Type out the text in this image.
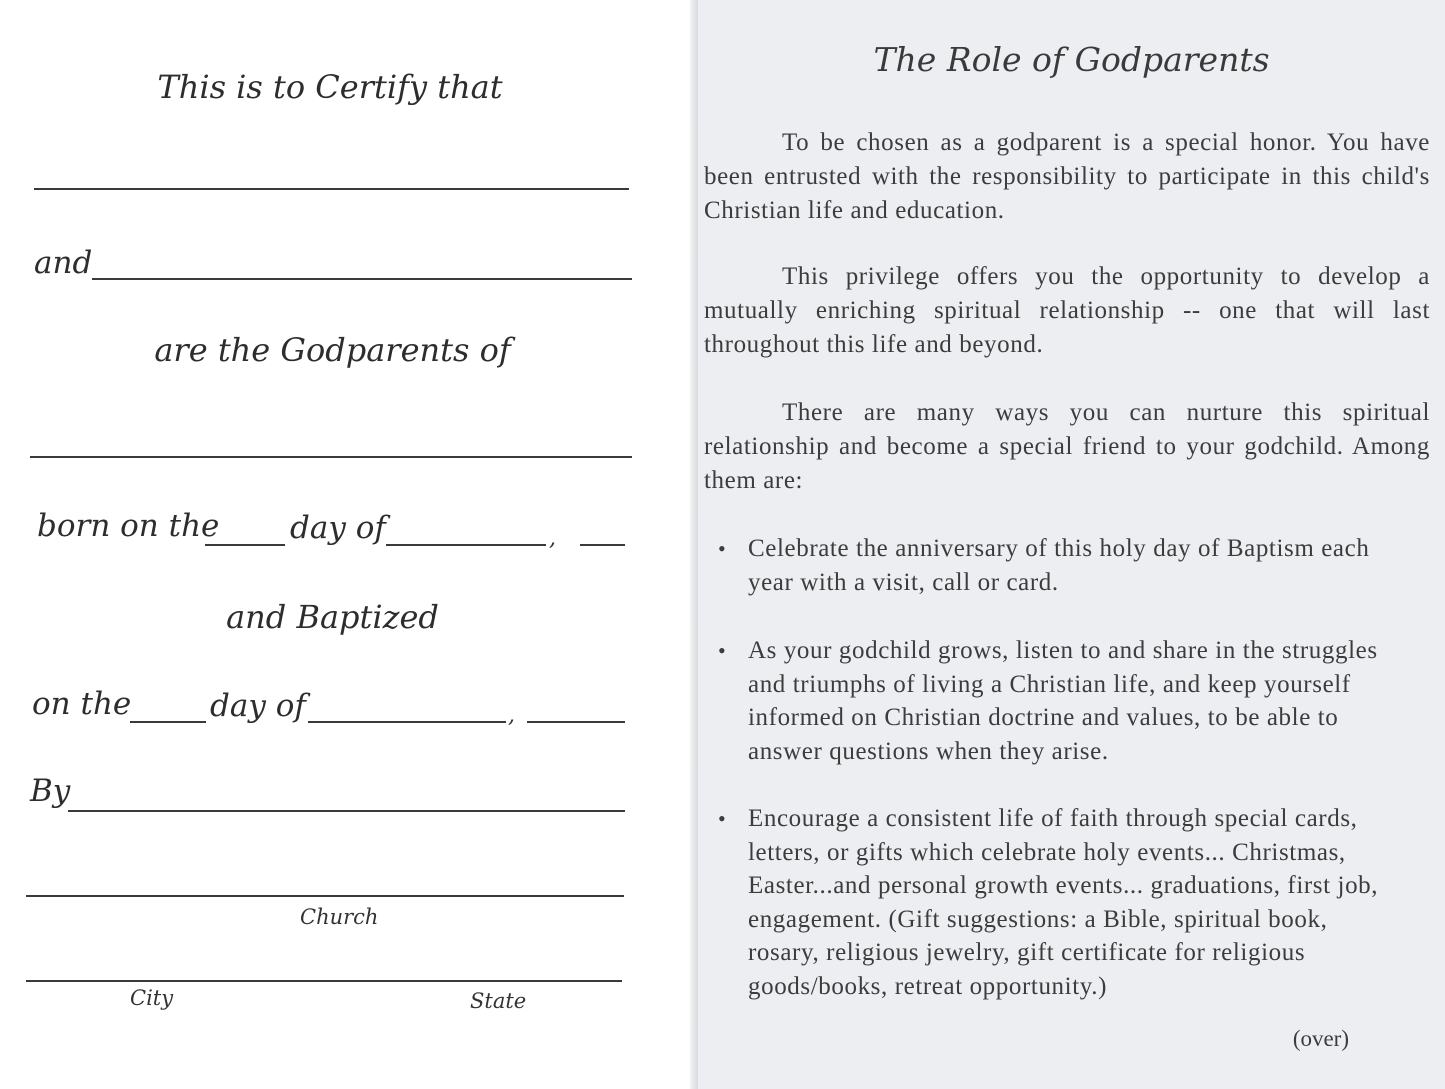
This is to Certify that
and
are the Godparents of
born on the day of	,
and Baptized
on the	day of	,
By
Church
City	State
The Role of Godparents
To be chosen as a godparent is a special honor. You have been entrusted with the responsibility to participate in this child's Christian life and education.
This privilege offers you the opportunity to develop a mutually enriching spiritual relationship -- one that will last throughout this life and beyond.
There are many ways you can nurture this spiritual relationship and become a special friend to your godchild. Among them are:
• Celebrate the anniversary of this holy day of Baptism each year with a visit, call or card.
• As your godchild grows, listen to and share in the struggles and triumphs of living a Christian life, and keep yourself informed on Christian doctrine and values, to be able to answer questions when they arise.
• Encourage a consistent life of faith through special cards, letters, or gifts which celebrate holy events... Christmas, Easter...and personal growth events... graduations, first job, engagement. (Gift suggestions: a Bible, spiritual book, rosary, religious jewelry, gift certificate for religious goods/books, retreat opportunity.)
(over)
